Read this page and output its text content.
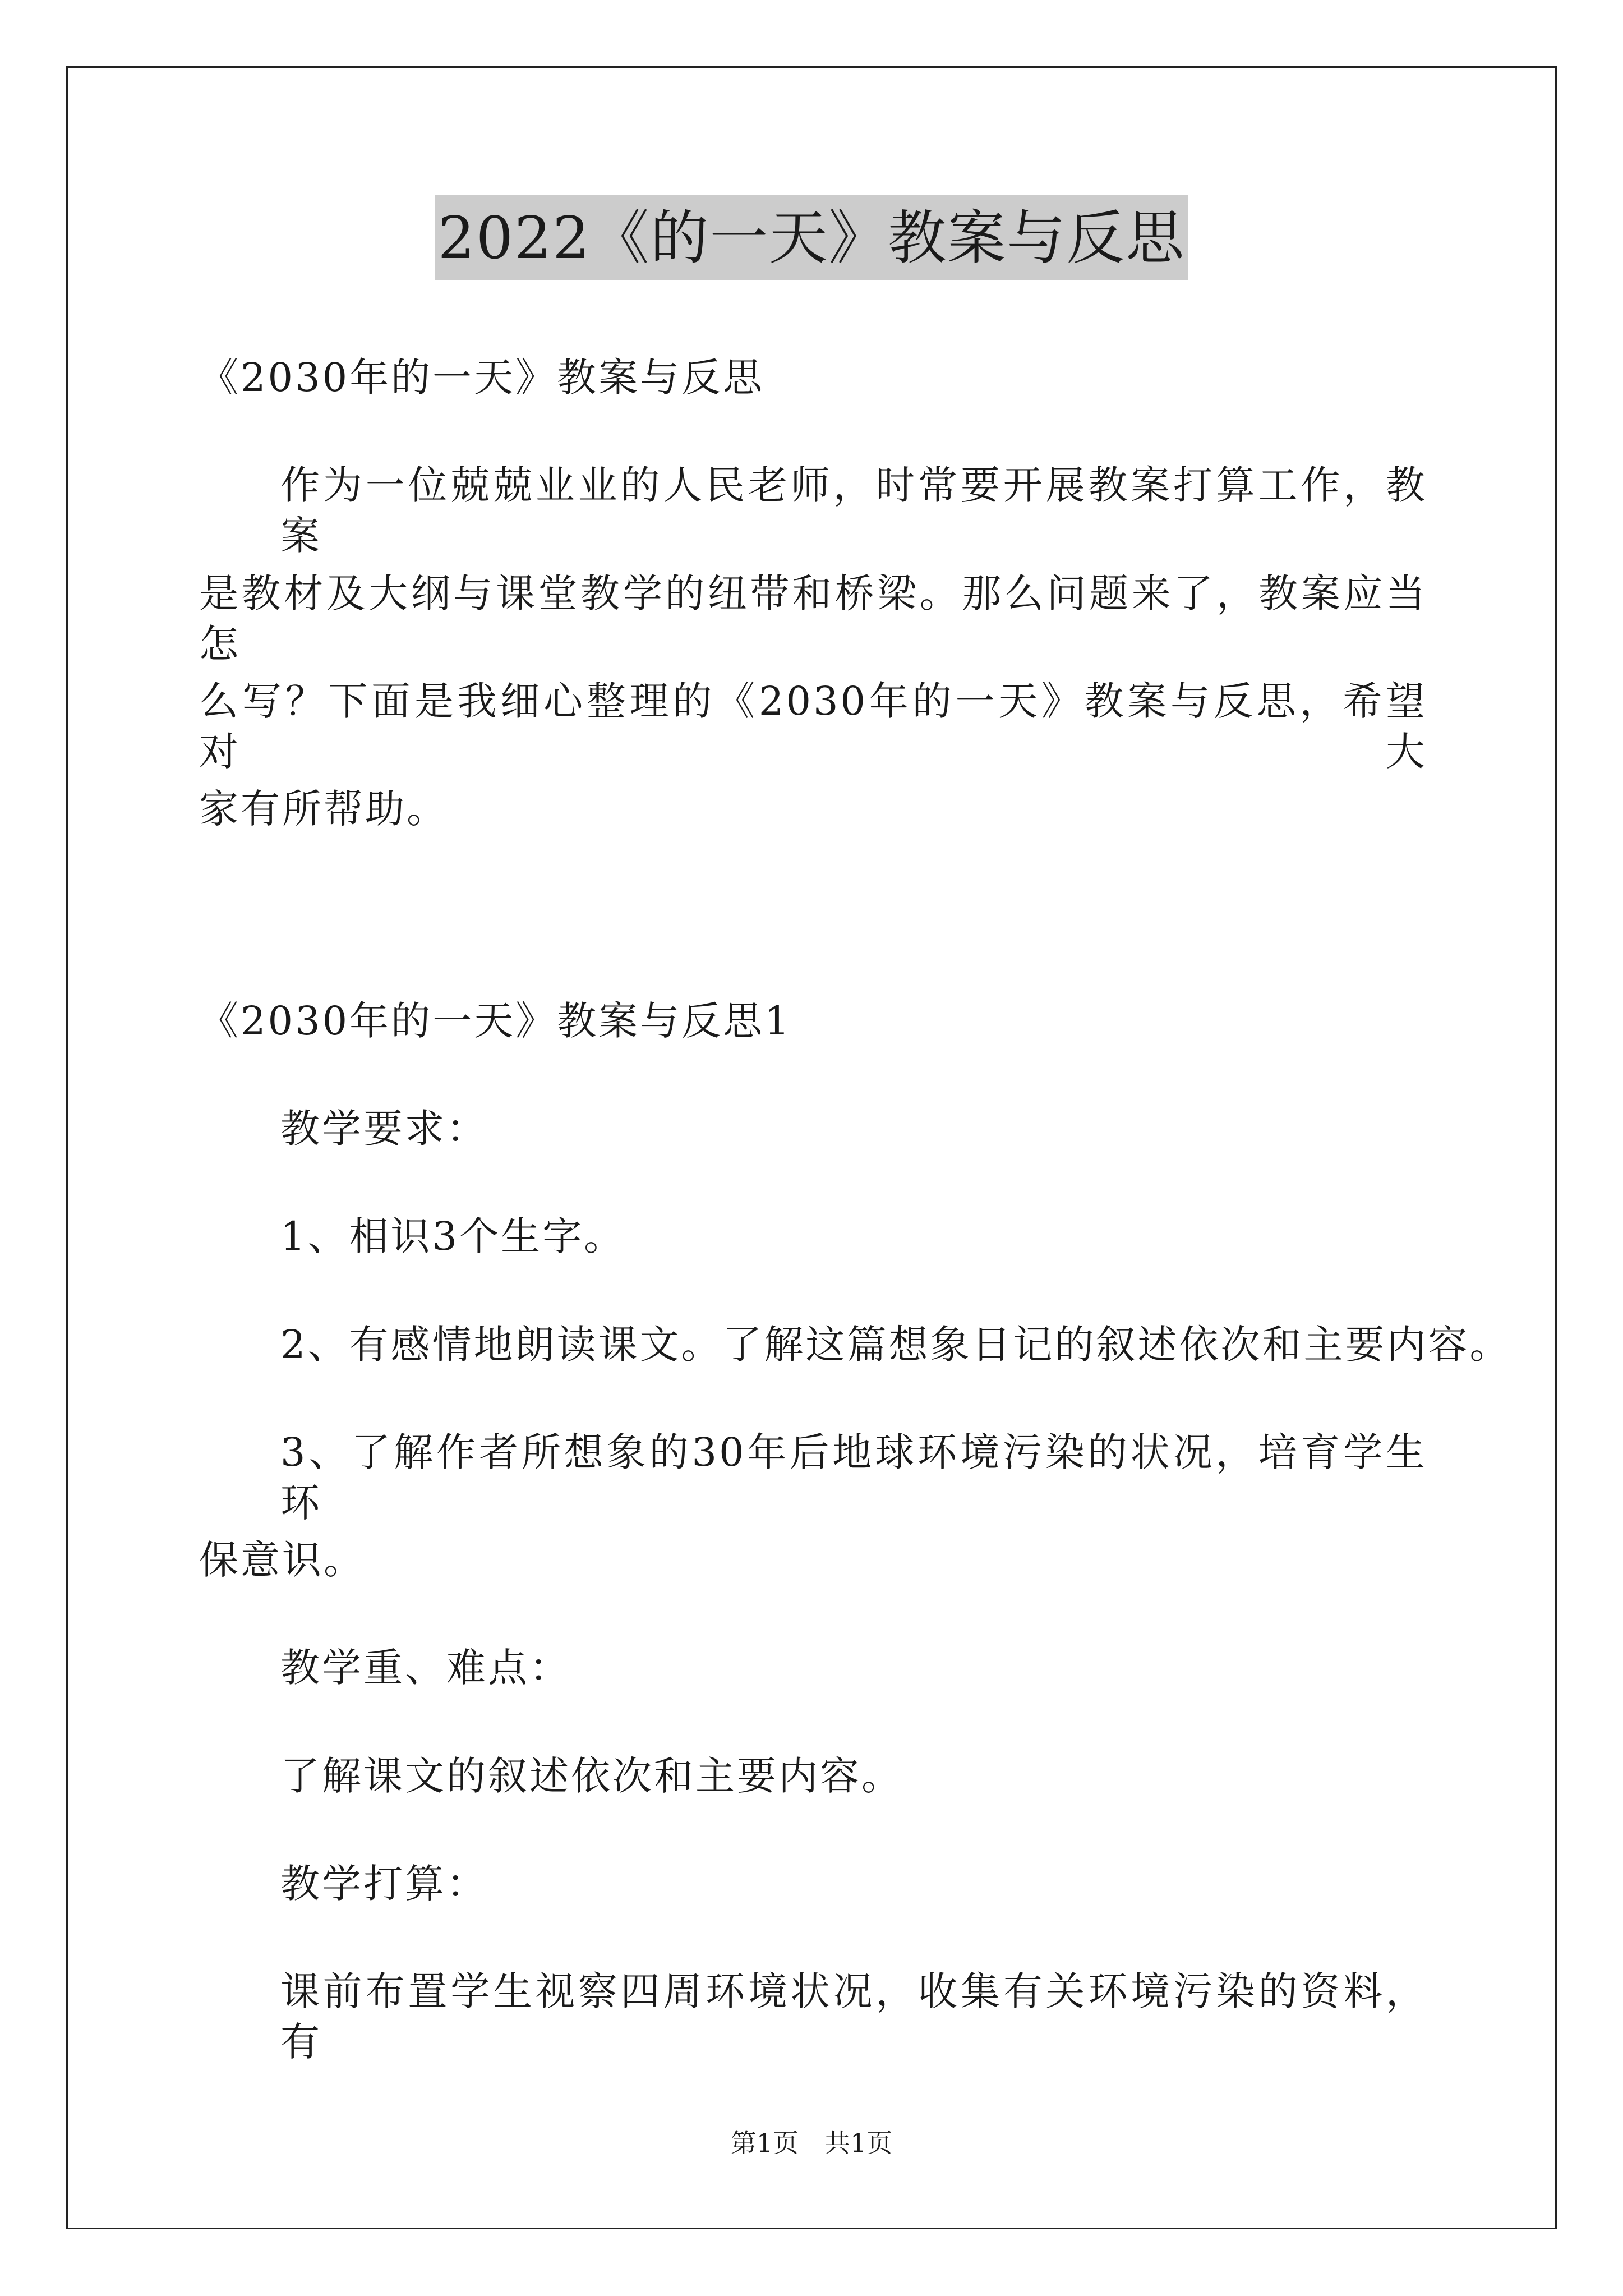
2022《的一天》教案与反思
《2030年的一天》教案与反思
作为一位兢兢业业的人民老师，时常要开展教案打算工作，教案
是教材及大纲与课堂教学的纽带和桥梁。那么问题来了，教案应当怎
么写？下面是我细心整理的《2030年的一天》教案与反思，希望对大
家有所帮助。
《2030年的一天》教案与反思1
教学要求：
1、相识3个生字。
2、有感情地朗读课文。了解这篇想象日记的叙述依次和主要内容。
3、了解作者所想象的30年后地球环境污染的状况，培育学生环
保意识。
教学重、难点：
了解课文的叙述依次和主要内容。
教学打算：
课前布置学生视察四周环境状况，收集有关环境污染的资料，有
第1页　共1页
